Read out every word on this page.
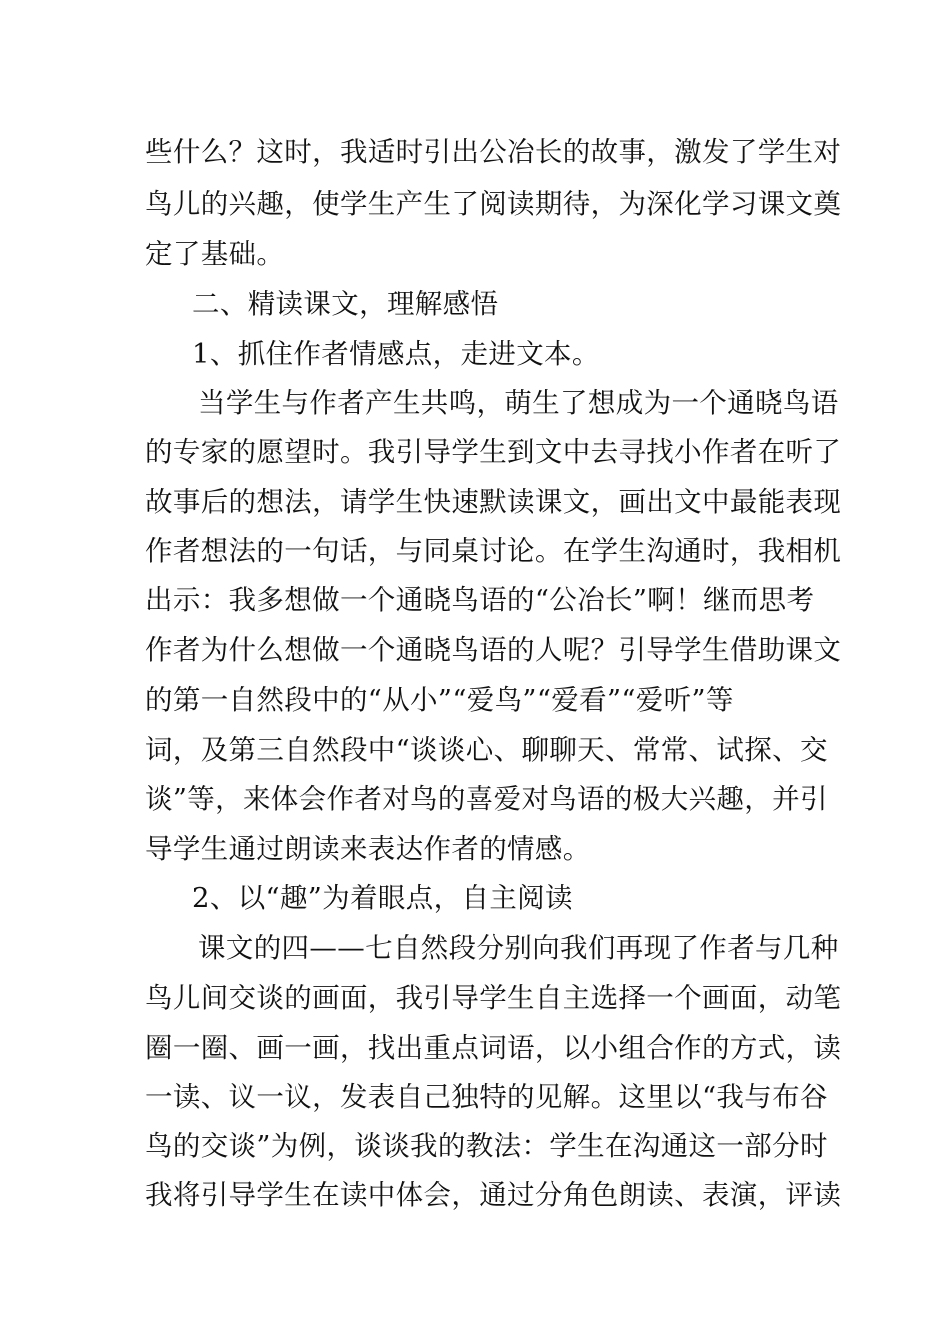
些什么？这时，我适时引出公冶长的故事，激发了学生对
鸟儿的兴趣，使学生产生了阅读期待，为深化学习课文奠
定了基础。
二、精读课文，理解感悟
1、抓住作者情感点，走进文本。
当学生与作者产生共鸣，萌生了想成为一个通晓鸟语
的专家的愿望时。我引导学生到文中去寻找小作者在听了
故事后的想法，请学生快速默读课文，画出文中最能表现
作者想法的一句话，与同桌讨论。在学生沟通时，我相机
出示：我多想做一个通晓鸟语的“公冶长”啊！继而思考
作者为什么想做一个通晓鸟语的人呢？引导学生借助课文
的第一自然段中的“从小”“爱鸟”“爱看”“爱听”等
词，及第三自然段中“谈谈心、聊聊天、常常、试探、交
谈”等，来体会作者对鸟的喜爱对鸟语的极大兴趣，并引
导学生通过朗读来表达作者的情感。
2、以“趣”为着眼点，自主阅读
课文的四——七自然段分别向我们再现了作者与几种
鸟儿间交谈的画面，我引导学生自主选择一个画面，动笔
圈一圈、画一画，找出重点词语，以小组合作的方式，读
一读、议一议，发表自己独特的见解。这里以“我与布谷
鸟的交谈”为例，谈谈我的教法：学生在沟通这一部分时
我将引导学生在读中体会，通过分角色朗读、表演，评读
